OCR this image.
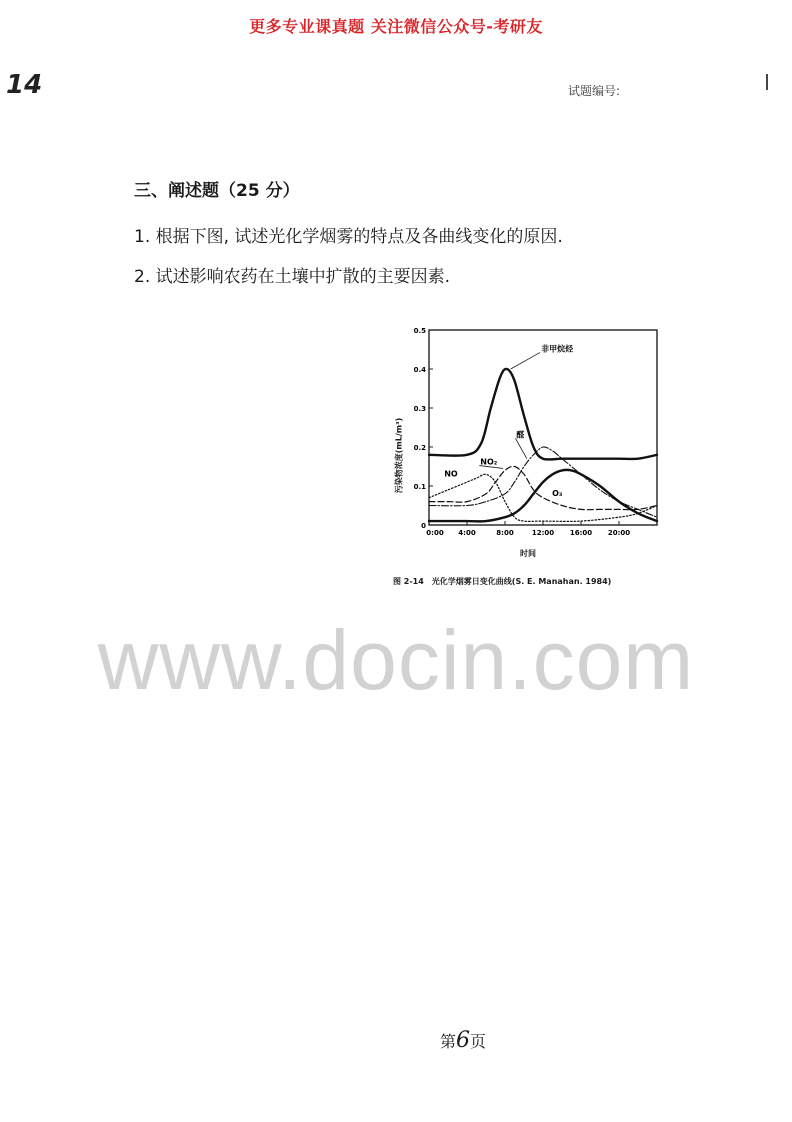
更多专业课真题 关注微信公众号-考研友
14	试题编号:
三、阐述题（25 分）
1. 根据下图, 试述光化学烟雾的特点及各曲线变化的原因.
2. 试述影响农药在土壤中扩散的主要因素.
0
0.1
0.2
0.3
0.4
0.5
0:00 4:00	8:00	12:00 16:00 20:00
非甲烷烃
NO
NO₂
醛
O₃
污染物浓度(mL/m³)
时间
图 2-14　光化学烟雾日变化曲线(S. E. Manahan. 1984)
www.docin.com
第6页
